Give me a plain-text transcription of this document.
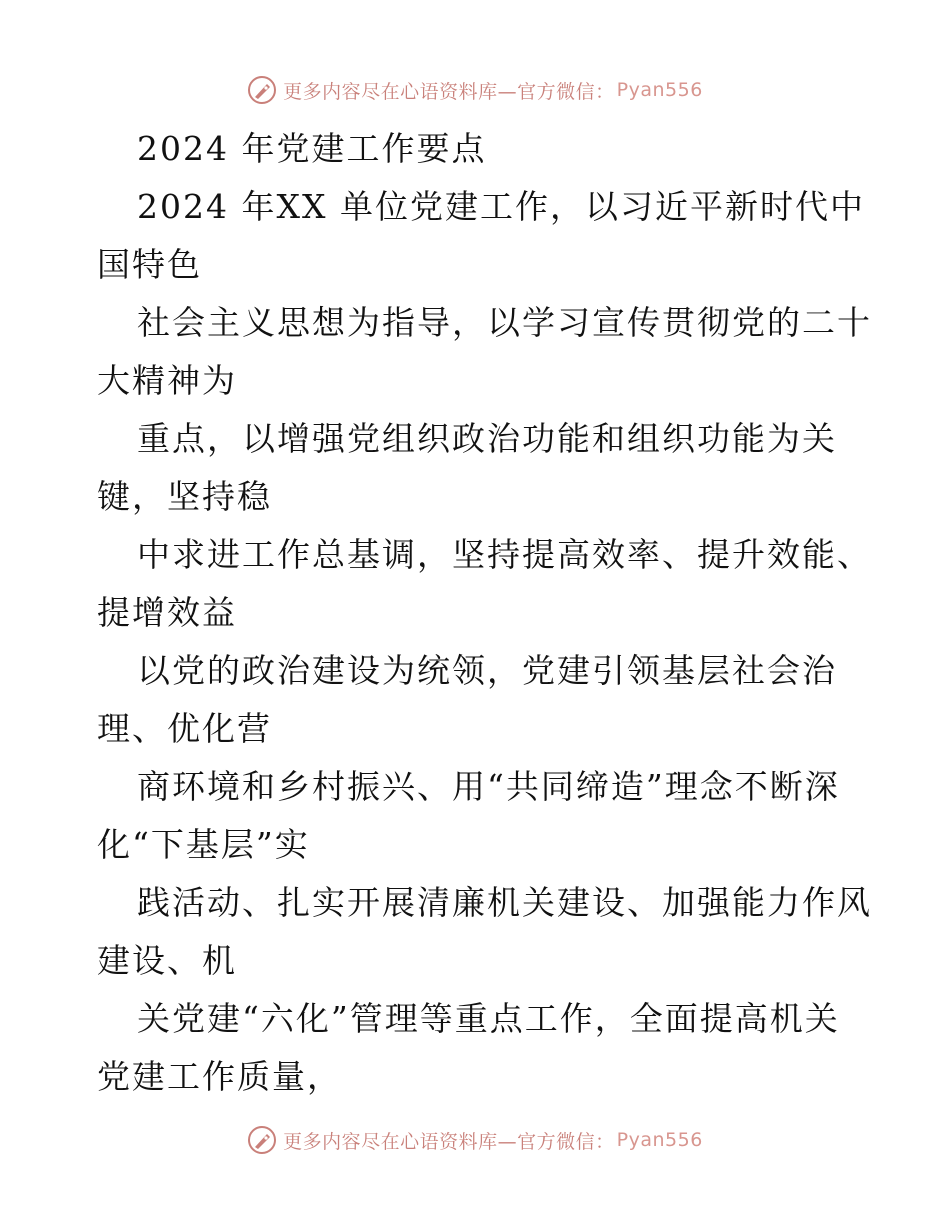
更多内容尽在心语资料库—官方微信： Pyan556
2024 年党建工作要点
2024 年XX 单位党建工作，以习近平新时代中
国特色
社会主义思想为指导，以学习宣传贯彻党的二十
大精神为
重点，以增强党组织政治功能和组织功能为关
键，坚持稳
中求进工作总基调，坚持提高效率、提升效能、
提增效益
以党的政治建设为统领，党建引领基层社会治
理、优化营
商环境和乡村振兴、用“共同缔造”理念不断深
化“下基层”实
践活动、扎实开展清廉机关建设、加强能力作风
建设、机
关党建“六化”管理等重点工作，全面提高机关
党建工作质量，
更多内容尽在心语资料库—官方微信： Pyan556
